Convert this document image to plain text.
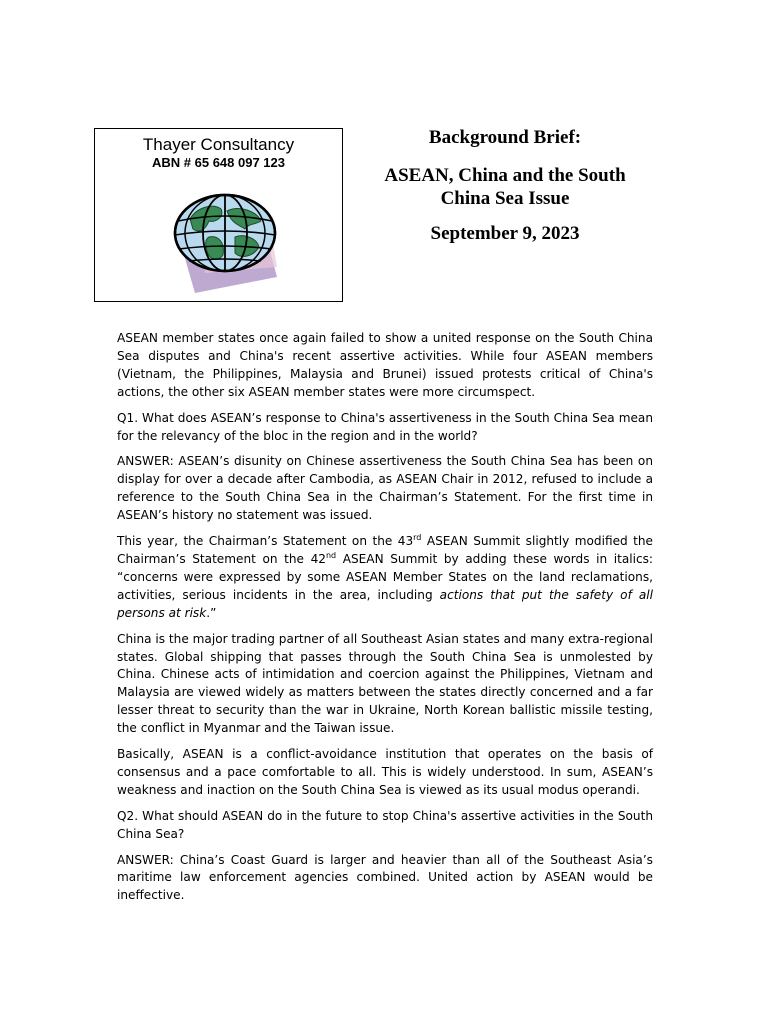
Thayer Consultancy
ABN # 65 648 097 123
Background Brief:
ASEAN, China and the South China Sea Issue
September 9, 2023

ASEAN member states once again failed to show a united response on the South China Sea disputes and China's recent assertive activities. While four ASEAN members (Vietnam, the Philippines, Malaysia and Brunei) issued protests critical of China's actions, the other six ASEAN member states were more circumspect.

Q1. What does ASEAN’s response to China's assertiveness in the South China Sea mean for the relevancy of the bloc in the region and in the world?

ANSWER: ASEAN’s disunity on Chinese assertiveness the South China Sea has been on display for over a decade after Cambodia, as ASEAN Chair in 2012, refused to include a reference to the South China Sea in the Chairman’s Statement. For the first time in ASEAN’s history no statement was issued.

This year, the Chairman’s Statement on the 43rd ASEAN Summit slightly modified the Chairman’s Statement on the 42nd ASEAN Summit by adding these words in italics: “concerns were expressed by some ASEAN Member States on the land reclamations, activities, serious incidents in the area, including actions that put the safety of all persons at risk.”

China is the major trading partner of all Southeast Asian states and many extra-regional states. Global shipping that passes through the South China Sea is unmolested by China. Chinese acts of intimidation and coercion against the Philippines, Vietnam and Malaysia are viewed widely as matters between the states directly concerned and a far lesser threat to security than the war in Ukraine, North Korean ballistic missile testing, the conflict in Myanmar and the Taiwan issue.

Basically, ASEAN is a conflict-avoidance institution that operates on the basis of consensus and a pace comfortable to all. This is widely understood. In sum, ASEAN’s weakness and inaction on the South China Sea is viewed as its usual modus operandi.

Q2. What should ASEAN do in the future to stop China's assertive activities in the South China Sea?

ANSWER: China’s Coast Guard is larger and heavier than all of the Southeast Asia’s maritime law enforcement agencies combined. United action by ASEAN would be ineffective.
